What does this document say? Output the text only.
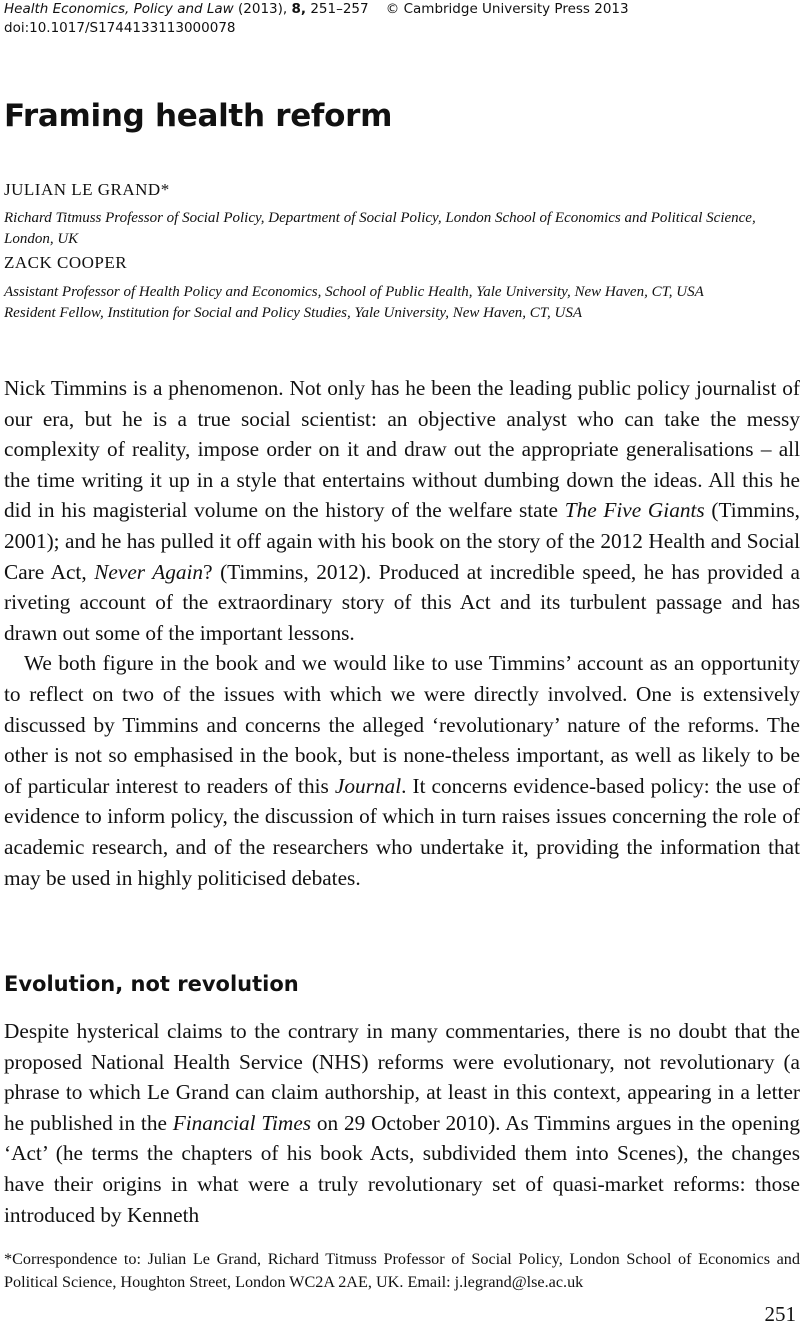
Health Economics, Policy and Law (2013), 8, 251–257 © Cambridge University Press 2013
doi:10.1017/S1744133113000078
Framing health reform
JULIAN LE GRAND*
Richard Titmuss Professor of Social Policy, Department of Social Policy, London School of Economics and Political Science, London, UK
ZACK COOPER
Assistant Professor of Health Policy and Economics, School of Public Health, Yale University, New Haven, CT, USA
Resident Fellow, Institution for Social and Policy Studies, Yale University, New Haven, CT, USA

Nick Timmins is a phenomenon. Not only has he been the leading public policy journalist of our era, but he is a true social scientist: an objective analyst who can take the messy complexity of reality, impose order on it and draw out the appropriate generalisations – all the time writing it up in a style that entertains without dumbing down the ideas. All this he did in his magisterial volume on the history of the welfare state The Five Giants (Timmins, 2001); and he has pulled it off again with his book on the story of the 2012 Health and Social Care Act, Never Again? (Timmins, 2012). Produced at incredible speed, he has provided a riveting account of the extraordinary story of this Act and its turbulent passage and has drawn out some of the important lessons.

We both figure in the book and we would like to use Timmins’ account as an opportunity to reflect on two of the issues with which we were directly involved. One is extensively discussed by Timmins and concerns the alleged ‘revolutionary’ nature of the reforms. The other is not so emphasised in the book, but is none-theless important, as well as likely to be of particular interest to readers of this Journal. It concerns evidence-based policy: the use of evidence to inform policy, the discussion of which in turn raises issues concerning the role of academic research, and of the researchers who undertake it, providing the information that may be used in highly politicised debates.

Evolution, not revolution

Despite hysterical claims to the contrary in many commentaries, there is no doubt that the proposed National Health Service (NHS) reforms were evolutionary, not revolutionary (a phrase to which Le Grand can claim authorship, at least in this context, appearing in a letter he published in the Financial Times on 29 October 2010). As Timmins argues in the opening ‘Act’ (he terms the chapters of his book Acts, subdivided them into Scenes), the changes have their origins in what were a truly revolutionary set of quasi-market reforms: those introduced by Kenneth

*Correspondence to: Julian Le Grand, Richard Titmuss Professor of Social Policy, London School of Economics and Political Science, Houghton Street, London WC2A 2AE, UK. Email: j.legrand@lse.ac.uk
251
